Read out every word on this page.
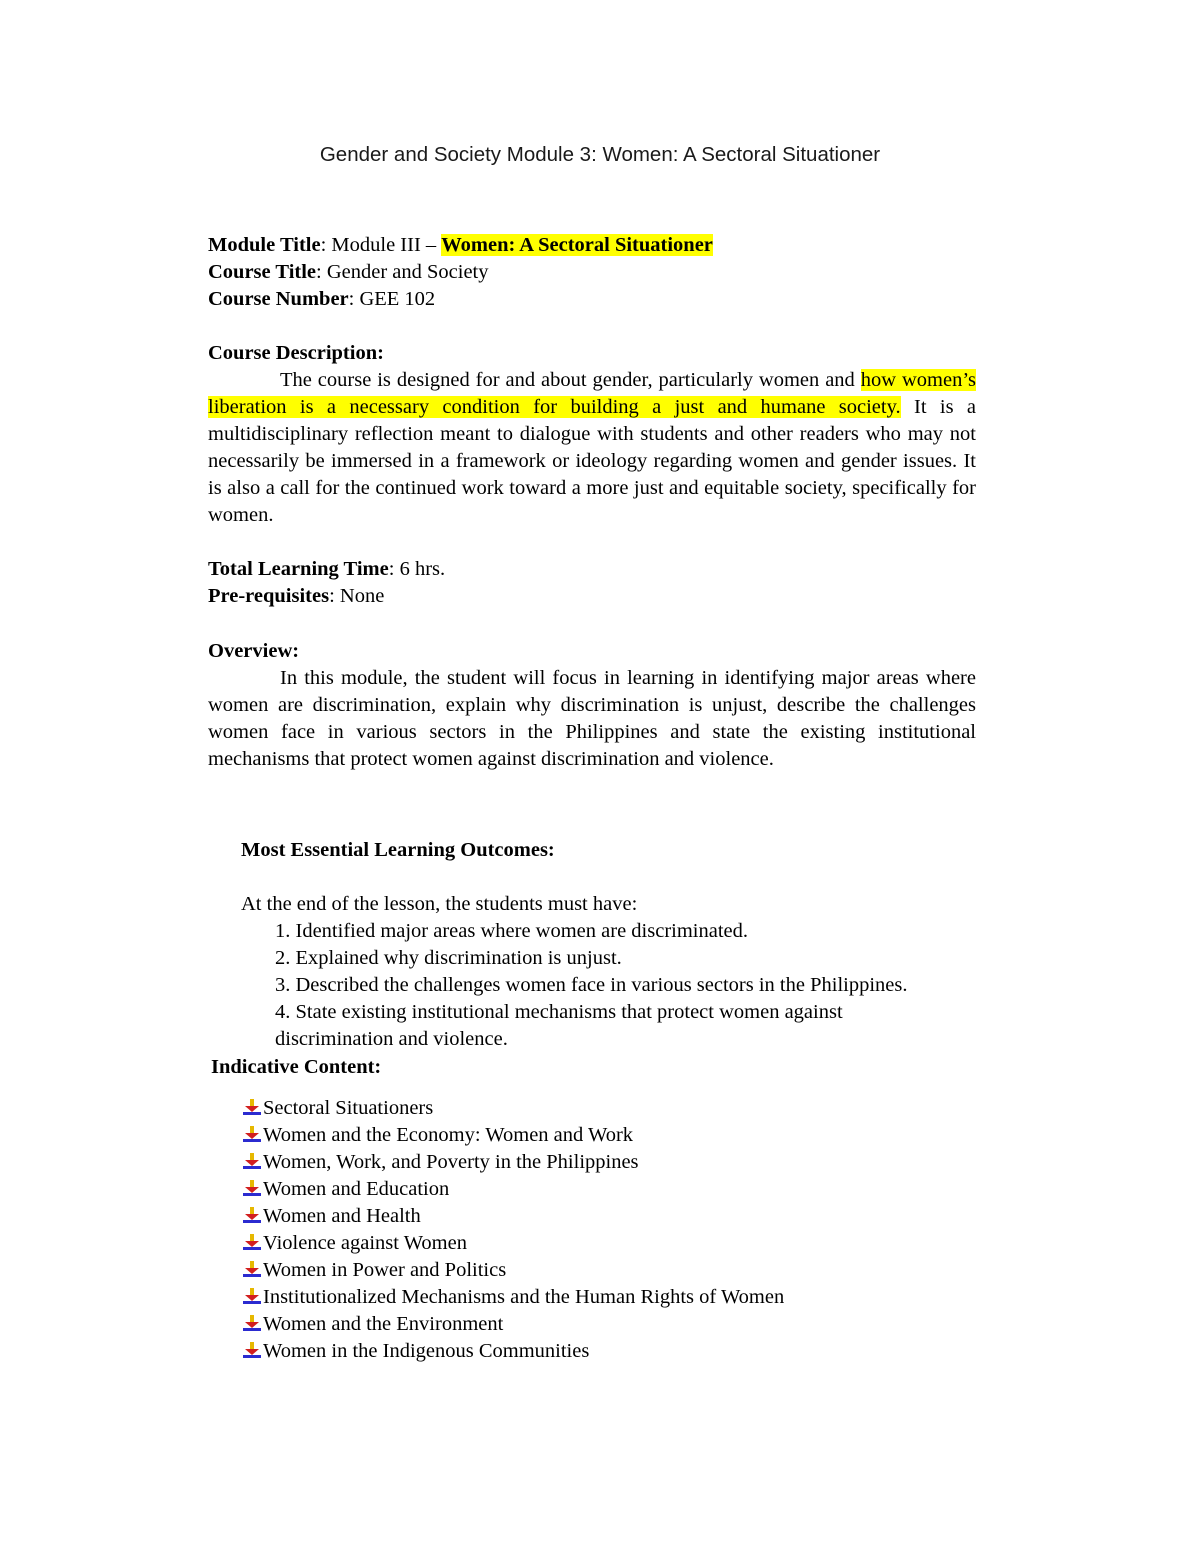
Gender and Society Module 3: Women: A Sectoral Situationer
Module Title: Module III – Women: A Sectoral Situationer
Course Title: Gender and Society
Course Number: GEE 102
Course Description:

The course is designed for and about gender, particularly women and how women’s liberation is a necessary condition for building a just and humane society. It is a multidisciplinary reflection meant to dialogue with students and other readers who may not necessarily be immersed in a framework or ideology regarding women and gender issues. It is also a call for the continued work toward a more just and equitable society, specifically for women.

Total Learning Time: 6 hrs.
Pre-requisites: None
Overview:

In this module, the student will focus in learning in identifying major areas where women are discrimination, explain why discrimination is unjust, describe the challenges women face in various sectors in the Philippines and state the existing institutional mechanisms that protect women against discrimination and violence.

Most Essential Learning Outcomes:
At the end of the lesson, the students must have:
1. Identified major areas where women are discriminated.
2. Explained why discrimination is unjust.
3. Described the challenges women face in various sectors in the Philippines. 4. State existing institutional mechanisms that protect women against discrimination and violence.
Indicative Content:
Sectoral Situationers
Women and the Economy: Women and Work
Women, Work, and Poverty in the Philippines
Women and Education
Women and Health
Violence against Women
Women in Power and Politics
Institutionalized Mechanisms and the Human Rights of Women
Women and the Environment
Women in the Indigenous Communities
